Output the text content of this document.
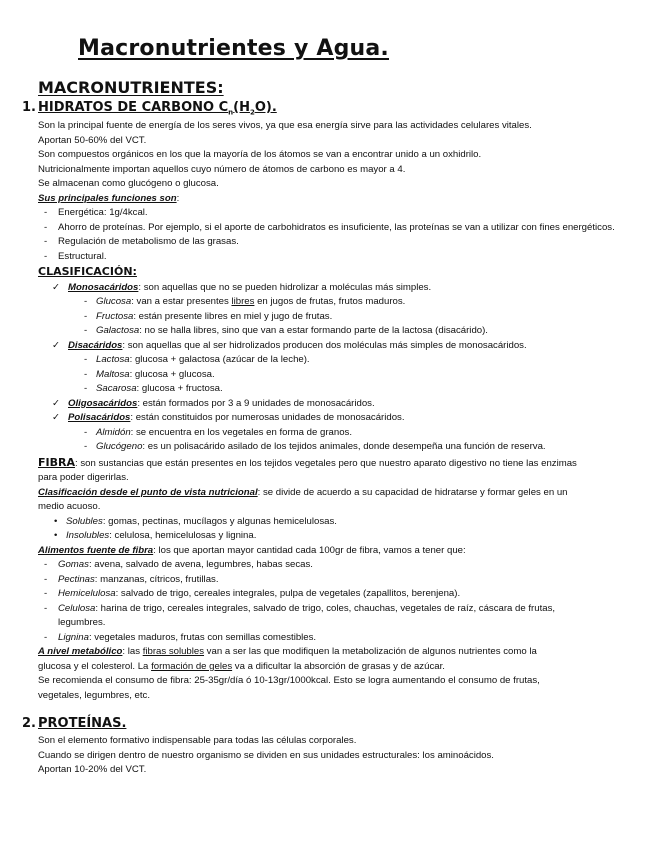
Macronutrientes y Agua.
MACRONUTRIENTES:
1. HIDRATOS DE CARBONO $C_n(H_2O)$.

Son la principal fuente de energía de los seres vivos, ya que esa energía sirve para las actividades celulares vitales.

Aportan 50-60% del VCT.

Son compuestos orgánicos en los que la mayoría de los átomos se van a encontrar unido a un oxhidrilo.

Nutricionalmente importan aquellos cuyo número de átomos de carbono es mayor a 4.

Se almacenan como glucógeno o glucosa.

Sus principales funciones son:

- Energética: 1g/4kcal.

- Ahorro de proteínas. Por ejemplo, si el aporte de carbohidratos es insuficiente, las proteínas se van a utilizar con fines energéticos.

- Regulación de metabolismo de las grasas.

- Estructural.

CLASIFICACIÓN:

✓ Monosacáridos: son aquellas que no se pueden hidrolizar a moléculas más simples.

- Glucosa: van a estar presentes libres en jugos de frutas, frutos maduros.

- Fructosa: están presente libres en miel y jugo de frutas.

- Galactosa: no se halla libres, sino que van a estar formando parte de la lactosa (disacárido).

✓ Disacáridos: son aquellas que al ser hidrolizados producen dos moléculas más simples de monosacáridos.

- Lactosa: glucosa + galactosa (azúcar de la leche).

- Maltosa: glucosa + glucosa.

- Sacarosa: glucosa + fructosa.

✓ Oligosacáridos: están formados por 3 a 9 unidades de monosacáridos.

✓ Polisacáridos: están constituidos por numerosas unidades de monosacáridos.

- Almidón: se encuentra en los vegetales en forma de granos.

- Glucógeno: es un polisacárido asilado de los tejidos animales, donde desempeña una función de reserva.

FIBRA: son sustancias que están presentes en los tejidos vegetales pero que nuestro aparato digestivo no tiene las enzimas

para poder digerirlas.

Clasificación desde el punto de vista nutricional: se divide de acuerdo a su capacidad de hidratarse y formar geles en un

medio acuoso.

• Solubles: gomas, pectinas, mucílagos y algunas hemicelulosas.

• Insolubles: celulosa, hemicelulosas y lignina.

Alimentos fuente de fibra: los que aportan mayor cantidad cada 100gr de fibra, vamos a tener que:

- Gomas: avena, salvado de avena, legumbres, habas secas.

- Pectinas: manzanas, cítricos, frutillas.

- Hemicelulosa: salvado de trigo, cereales integrales, pulpa de vegetales (zapallitos, berenjena).

- Celulosa: harina de trigo, cereales integrales, salvado de trigo, coles, chauchas, vegetales de raíz, cáscara de frutas,

legumbres.

- Lignina: vegetales maduros, frutas con semillas comestibles.

A nivel metabólico: las fibras solubles van a ser las que modifiquen la metabolización de algunos nutrientes como la

glucosa y el colesterol. La formación de geles va a dificultar la absorción de grasas y de azúcar.

Se recomienda el consumo de fibra: 25-35gr/día ó 10-13gr/1000kcal. Esto se logra aumentando el consumo de frutas,

vegetales, legumbres, etc.

2. PROTEÍNAS.

Son el elemento formativo indispensable para todas las células corporales.

Cuando se dirigen dentro de nuestro organismo se dividen en sus unidades estructurales: los aminoácidos.

Aportan 10-20% del VCT.
